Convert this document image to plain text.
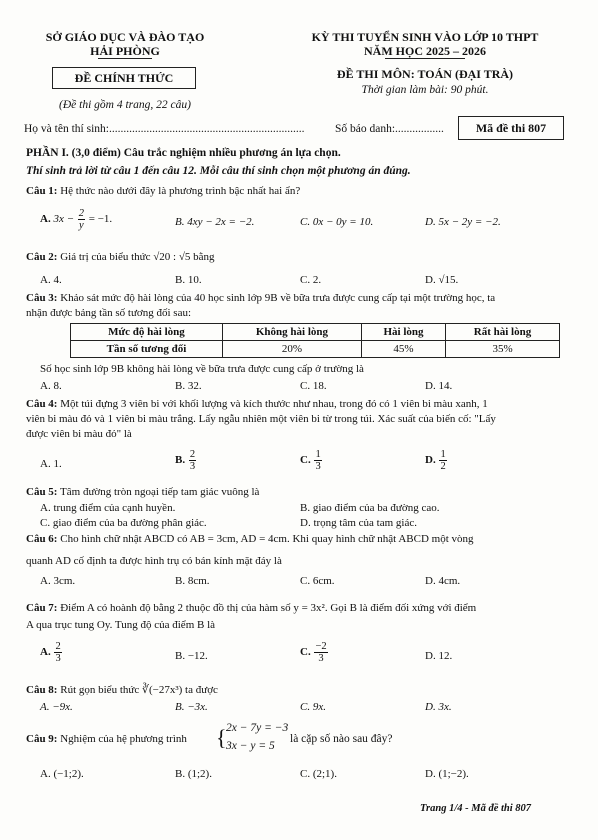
SỞ GIÁO DỤC VÀ ĐÀO TẠO
HẢI PHÒNG
ĐỀ CHÍNH THỨC
(Đề thi gồm 4 trang, 22 câu)
KỲ THI TUYỂN SINH VÀO LỚP 10 THPT
NĂM HỌC 2025 – 2026
ĐỀ THI MÔN: TOÁN (ĐẠI TRÀ)
Thời gian làm bài: 90 phút.
Họ và tên thí sinh:....................................................................	Số báo danh:.................	Mã đề thi 807
PHẦN I. (3,0 điểm) Câu trắc nghiệm nhiều phương án lựa chọn.
Thí sinh trả lời từ câu 1 đến câu 12. Mỗi câu thí sinh chọn một phương án đúng.
Câu 1: Hệ thức nào dưới đây là phương trình bậc nhất hai ẩn?
A. $3x - \frac{2}{y} = -1$.	B. 4xy − 2x = −2.	C. 0x − 0y = 10.	D. 5x − 2y = −2.
Câu 2: Giá trị của biểu thức √20 : √5 bằng
A. 4.	B. 10.	C. 2.	D. √15.
Câu 3: Khảo sát mức độ hài lòng của 40 học sinh lớp 9B về bữa trưa được cung cấp tại một trường học, ta
nhận được bảng tần số tương đối sau:
Mức độ hài lòng	Không hài lòng	Hài lòng	Rất hài lòng
Tần số tương đối	20%	45%	35%
Số học sinh lớp 9B không hài lòng về bữa trưa được cung cấp ở trường là
A. 8.	B. 32.	C. 18.	D. 14.
Câu 4: Một túi đựng 3 viên bi với khối lượng và kích thước như nhau, trong đó có 1 viên bi màu xanh, 1
viên bi màu đỏ và 1 viên bi màu trắng. Lấy ngẫu nhiên một viên bi từ trong túi. Xác suất của biến cố: "Lấy
được viên bi màu đỏ" là
A. 1.	B. $\frac{2}{3}$	C. $\frac{1}{3}$	D. $\frac{1}{2}$
Câu 5: Tâm đường tròn ngoại tiếp tam giác vuông là
A. trung điểm của cạnh huyền.	B. giao điểm của ba đường cao.
C. giao điểm của ba đường phân giác.	D. trọng tâm của tam giác.
Câu 6: Cho hình chữ nhật ABCD có AB = 3cm, AD = 4cm. Khi quay hình chữ nhật ABCD một vòng
quanh AD cố định ta được hình trụ có bán kính mặt đáy là
A. 3cm.	B. 8cm.	C. 6cm.	D. 4cm.
Câu 7: Điểm A có hoành độ bằng 2 thuộc đồ thị của hàm số y = 3x². Gọi B là điểm đối xứng với điểm
A qua trục tung Oy. Tung độ của điểm B là
A. $\frac{2}{3}$	B. −12.	C. $\frac{-2}{3}$	D. 12.
Câu 8: Rút gọn biểu thức ∛(−27x³) ta được
A. −9x.	B. −3x.	C. 9x.	D. 3x.
Câu 9: Nghiệm của hệ phương trình { 2x − 7y = −3
3x − y = 5
là cặp số nào sau đây?
A. (−1;2).	B. (1;2).	C. (2;1).	D. (1;−2).
Trang 1/4 - Mã đề thi 807
